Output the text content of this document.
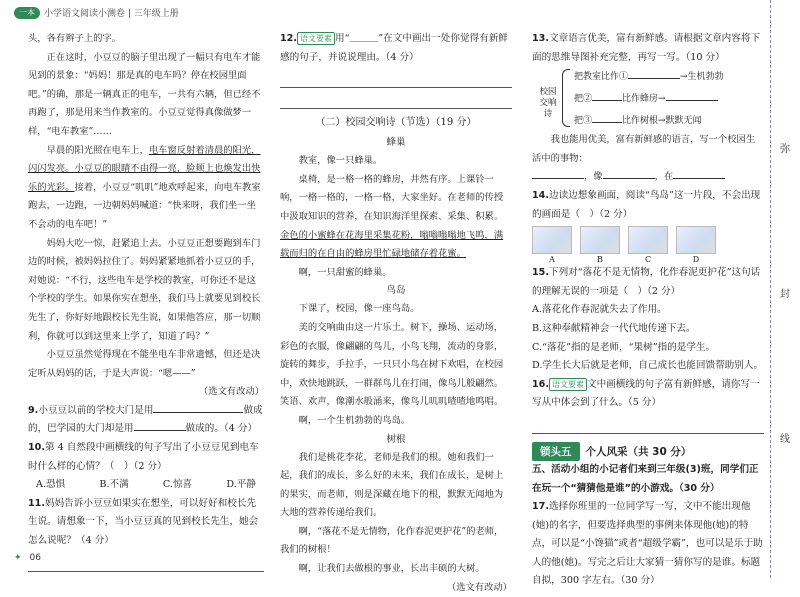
一本	小学语文阅读小测卷 | 三年级上册
头，各有辫子上的字。
正在这时，小豆豆的脑子里出现了一幅只有电车才能见到的景象：“妈妈！那是真的电车吗？停在校园里面吧。”的确，那是一辆真正的电车，一共有六辆，但已经不再跑了，那是用来当作教室的。小豆豆觉得真像做梦一样，“电车教室”……
早晨的阳光照在电车上，电车窗反射着清晨的阳光，闪闪发亮。小豆豆的眼睛不由得一亮，脸颊上也焕发出快乐的光彩。接着，小豆豆“叽叽”地欢呼起来，向电车教室跑去，一边跑，一边朝妈妈喊道：“快来呀，我们坐一坐不会动的电车吧！”
妈妈大吃一惊，赶紧追上去。小豆豆正想要跑到车门边的时候，被妈妈拉住了。妈妈紧紧地抓着小豆豆的手，对她说：“不行，这些电车是学校的教室，可你还不是这个学校的学生。如果你实在想坐，我们马上就要见到校长先生了，你好好地跟校长先生说，如果他答应，那一切顺利，你就可以到这里来上学了，知道了吗？”
小豆豆虽然觉得现在不能坐电车非常遗憾，但还是决定听从妈妈的话，于是大声说：“嗯——”
（选文有改动）
9.小豆豆以前的学校大门是用	做成的，巴学园的大门却是用	做成的。（4 分）
10.第 4 自然段中画横线的句子写出了小豆豆见到电车时什么样的心情？（　）（2 分）
A.恐惧	B.不满	C.惊喜	D.平静
11.妈妈告诉小豆豆如果实在想坐，可以好好和校长先生说。请想象一下，当小豆豆真的见到校长先生，她会怎么说呢？（4 分）
12. 语文要素 用“＿＿＿”在文中画出一处你觉得有新鲜感的句子，并说说理由。（4 分）
（二）校园交响诗（节选）（19 分）
蜂巢
教室，像一只蜂巢。
桌椅，是一格一格的蜂房，井然有序。上课铃一响，一格一格的，一格一格，大家坐好。在老师的传授中汲取知识的营养，在知识海洋里探索、采集、积累。金色的小蜜蜂在花海里采集花粉，嗡嗡嗡嗡地飞鸣，满载而归的在自由的蜂房里忙碌地储存着花蜜。
啊，一只甜蜜的蜂巢。
鸟岛
下课了，校园，像一座鸟岛。
美的交响曲由这一片乐土。树下，操场、运动场，彩色的衣服，像翩翩的鸟儿，小鸟飞翔，流动的身影，旋转的舞步，手拉手，一只只小鸟在树下欢唱，在校园中，欢快地跳跃，一群群鸟儿在打闹，像鸟儿般翩然。笑语、欢声，像潮水般涌来，像鸟儿叽叽喳喳地鸣唱。
啊，一个生机勃勃的鸟岛。
树根
我们是桃花李花，老师是我们的根。她和我们一起，我们的成长，多么好的未来，我们在成长，是树上的果实，而老师，则是深藏在地下的根，默默无闻地为大地的营养传递给我们。
啊，“落花不是无情物，化作春泥更护花”的老师，我们的树根！
啊，让我们去做根的事业，长出丰硕的大树。
（选文有改动）
13.文章语言优美，富有新鲜感。请根据文章内容将下面的思维导图补充完整，再写一写。（10 分）
校园交响诗
把教室比作①	→生机勃勃
把②	比作蜂房→
把③	比作树根→默默无闻
我也能用优美，富有新鲜感的语言，写一个校园生活中的事物：
，像	，在
14.边读边想象画面，阅读“鸟岛”这一片段，不会出现的画面是（　）（2 分）
A	B	C	D
15.下列对“落花不是无情物，化作春泥更护花”这句话的理解无误的一项是（　）（2 分）
A.落花化作春泥就失去了作用。
B.这种奉献精神会一代代地传递下去。
C.“落花”指的是老师，“果树”指的是学生。
D.学生长大后就是老师，自己成长也能回馈帮助别人。
16. 语文要素 文中画横线的句子富有新鲜感，请你写一写从中体会到了什么。（5 分）
锁头五	个人风采（共 30 分）
五、活动小组的小记者们来到三年级(3)班，同学们正在玩一个“猜猜他是谁”的小游戏。（30 分）
17.选择你班里的一位同学写一写，文中不能出现他(她)的名字，但要选择典型的事例来体现他(她)的特点，可以是“小馋猫”或者“超级学霸”，也可以是乐于助人的他(她)。写完之后让大家猜一猜你写的是谁。标题自拟，300 字左右。（30 分）
弥
封
线
✦ 06
